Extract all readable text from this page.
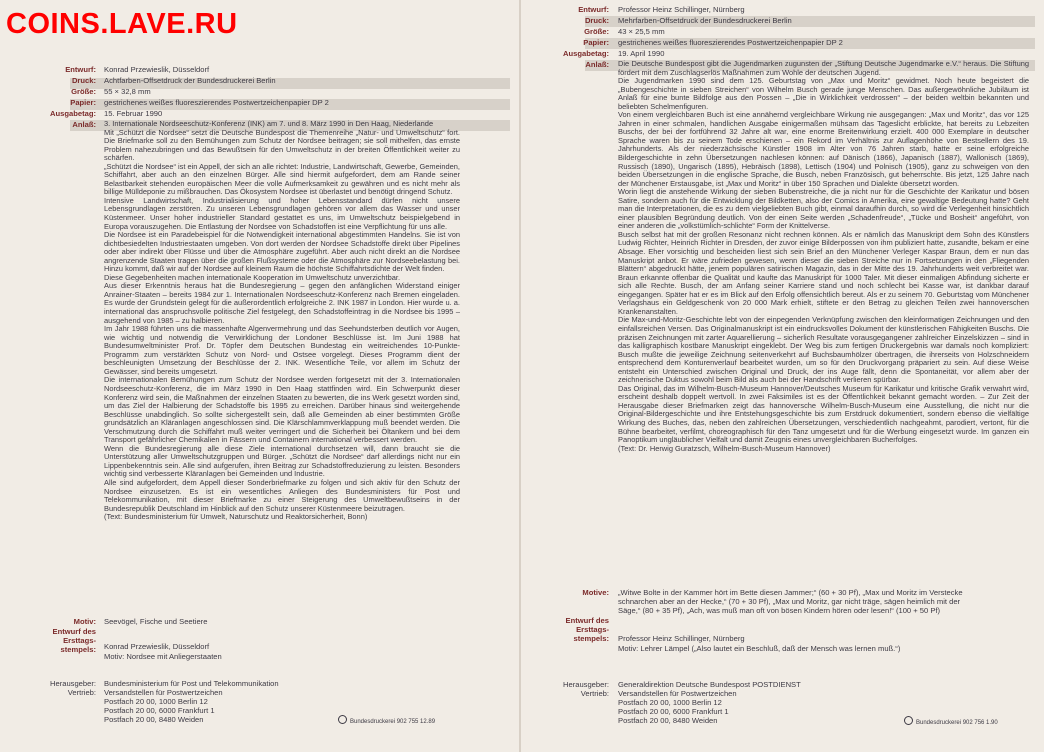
COINS.LAVE.RU
Entwurf: Konrad Przewieslik, Düsseldorf
Druck: Achtfarben-Offsetdruck der Bundesdruckerei Berlin
Größe: 55 × 32,8 mm
Papier: gestrichenes weißes fluoreszierendes Postwertzeichenpapier DP 2
Ausgabetag: 15. Februar 1990
Anlaß: 3. Internationale Nordseeschutz-Konferenz (INK) am 7. und 8. März 1990 in Den Haag, Niederlande

Mit „Schützt die Nordsee“ setzt die Deutsche Bundespost die Themenreihe „Natur- und Umweltschutz“ fort. Die Briefmarke soll zu den Bemühungen zum Schutz der Nordsee beitragen; sie soll mithelfen, das ernste Problem nahezubringen und das Bewußtsein für den Umweltschutz in der breiten Öffentlichkeit weiter zu schärfen.

„Schützt die Nordsee“ ist ein Appell, der sich an alle richtet: Industrie, Landwirtschaft, Gewerbe, Gemeinden, Schiffahrt, aber auch an den einzelnen Bürger. Alle sind hiermit aufgefordert, dem am Rande seiner Belastbarkeit stehenden europäischen Meer die volle Aufmerksamkeit zu gewähren und es nicht mehr als billige Mülldeponie zu mißbrauchen. Das Ökosystem Nordsee ist überlastet und benötigt dringend Schutz.

Intensive Landwirtschaft, Industrialisierung und hoher Lebensstandard dürfen nicht unsere Lebensgrundlagen zerstören. Zu unseren Lebensgrundlagen gehören vor allem das Wasser und unser Küstenmeer. Unser hoher industrieller Standard gestattet es uns, im Umweltschutz beispielgebend in Europa vorauszugehen. Die Entlastung der Nordsee von Schadstoffen ist eine Verpflichtung für uns alle.

Die Nordsee ist ein Paradebeispiel für die Notwendigkeit international abgestimmten Handelns. Sie ist von dichtbesiedelten Industriestaaten umgeben. Von dort werden der Nordsee Schadstoffe direkt über Pipelines oder aber indirekt über Flüsse und über die Atmosphäre zugeführt. Aber auch nicht direkt an die Nordsee angrenzende Staaten tragen über die großen Flußsysteme oder die Atmosphäre zur Nordseebelastung bei. Hinzu kommt, daß wir auf der Nordsee auf kleinem Raum die höchste Schiffahrtsdichte der Welt finden.

Diese Gegebenheiten machen internationale Kooperation im Umweltschutz unverzichtbar.

Aus dieser Erkenntnis heraus hat die Bundesregierung – gegen den anfänglichen Widerstand einiger Anrainer-Staaten – bereits 1984 zur 1. Internationalen Nordseeschutz-Konferenz nach Bremen eingeladen. Es wurde der Grundstein gelegt für die außerordentlich erfolgreiche 2. INK 1987 in London. Hier wurde u. a. international das anspruchsvolle politische Ziel festgelegt, den Schadstoffeintrag in die Nordsee bis 1995 – ausgehend von 1985 – zu halbieren.

Im Jahr 1988 führten uns die massenhafte Algenvermehrung und das Seehundsterben deutlich vor Augen, wie wichtig und notwendig die Verwirklichung der Londoner Beschlüsse ist. Im Juni 1988 hat Bundesumweltminister Prof. Dr. Töpfer dem Deutschen Bundestag ein weitreichendes 10-Punkte-Programm zum verstärkten Schutz von Nord- und Ostsee vorgelegt. Dieses Programm dient der beschleunigten Umsetzung der Beschlüsse der 2. INK. Wesentliche Teile, vor allem im Schutz der Gewässer, sind bereits umgesetzt.

Die internationalen Bemühungen zum Schutz der Nordsee werden fortgesetzt mit der 3. Internationalen Nordseeschutz-Konferenz, die im März 1990 in Den Haag stattfinden wird. Ein Schwerpunkt dieser Konferenz wird sein, die Maßnahmen der einzelnen Staaten zu bewerten, die ins Werk gesetzt worden sind, um das Ziel der Halbierung der Schadstoffe bis 1995 zu erreichen. Darüber hinaus sind weitergehende Beschlüsse unabdinglich. So sollte sichergestellt sein, daß alle Gemeinden ab einer bestimmten Größe grundsätzlich an Kläranlagen angeschlossen sind. Die Klärschlammverklappung muß beendet werden. Die Verschmutzung durch die Schiffahrt muß weiter verringert und die Sicherheit bei Öltankern und bei dem Transport gefährlicher Chemikalien in Fässern und Containern international verbessert werden.

Wenn die Bundesregierung alle diese Ziele international durchsetzen will, dann braucht sie die Unterstützung aller Umweltschutzgruppen und Bürger. „Schützt die Nordsee“ darf allerdings nicht nur ein Lippenbekenntnis sein. Alle sind aufgerufen, ihren Beitrag zur Schadstoffreduzierung zu leisten. Besonders wichtig sind verbesserte Kläranlagen bei Gemeinden und Industrie.

Alle sind aufgefordert, dem Appell dieser Sonderbriefmarke zu folgen und sich aktiv für den Schutz der Nordsee einzusetzen. Es ist ein wesentliches Anliegen des Bundesministers für Post und Telekommunikation, mit dieser Briefmarke zu einer Steigerung des Umweltbewußtseins in der Bundesrepublik Deutschland im Hinblick auf den Schutz unserer Küstenmeere beizutragen.

(Text: Bundesministerium für Umwelt, Naturschutz und Reaktorsicherheit, Bonn)

Motiv: Seevögel, Fische und Seetiere
Entwurf des
Ersttags-
stempels: Konrad Przewieslik, Düsseldorf
Motiv: Nordsee mit Anliegerstaaten
Herausgeber: Bundesministerium für Post und Telekommunikation
Vertrieb: Versandstellen für Postwertzeichen
Postfach 20 00, 1000 Berlin 12
Postfach 20 00, 6000 Frankfurt 1
Postfach 20 00, 8480 Weiden	Bundesdruckerei 902 755 12.89
Entwurf: Professor Heinz Schillinger, Nürnberg
Druck: Mehrfarben-Offsetdruck der Bundesdruckerei Berlin
Größe: 43 × 25,5 mm
Papier: gestrichenes weißes fluoreszierendes Postwertzeichenpapier DP 2
Ausgabetag: 19. April 1990
Anlaß: Die Deutsche Bundespost gibt die Jugendmarken zugunsten der „Stiftung Deutsche Jugendmarke e.V.“ heraus. Die Stiftung fördert mit dem Zuschlagserlös Maßnahmen zum Wohle der deutschen Jugend.

Die Jugendmarken 1990 sind dem 125. Geburtstag von „Max und Moritz“ gewidmet. Noch heute begeistert die „Bubengeschichte in sieben Streichen“ von Wilhelm Busch gerade junge Menschen. Das außergewöhnliche Jubiläum ist Anlaß für eine bunte Bildfolge aus den Possen – „Die in Wirklichkeit verdrossen“ – der beiden weltbin bekannten und beliebten Schelmenfiguren.

Von einem vergleichbaren Buch ist eine annähernd vergleichbare Wirkung nie ausgegangen: „Max und Moritz“, das vor 125 Jahren in einer schmalen, handlichen Ausgabe einigermaßen mühsam das Tageslicht erblickte, hat bereits zu Lebzeiten Buschs, der bei der fortführend 32 Jahre alt war, eine enorme Breitenwirkung erzielt. 400 000 Exemplare in deutscher Sprache waren bis zu seinem Tode erschienen – ein Rekord im Verhältnis zur Auflagenhöhe von Bestsellern des 19. Jahrhunderts. Als der niederzächsische Künstler 1908 im Alter von 76 Jahren starb, hatte er seine erfolgreiche Bildergeschichte in zehn Übersetzungen nachlesen können: auf Dänisch (1866), Japanisch (1887), Wallonisch (1869), Russisch (1890), Ungarisch (1895), Hebräisch (1898), Lettisch (1904) und Polnisch (1905), ganz zu schweigen von den beiden Übersetzungen in die englische Sprache, die Busch, neben Französisch, gut beherrschte. Bis jetzt, 125 Jahre nach der Münchener Erstausgabe, ist „Max und Moritz“ in über 150 Sprachen und Dialekte übersetzt worden.

Worin liegt die anstehende Wirkung der sieben Bubenstreiche, die ja nicht nur für die Geschichte der Karikatur und bösen Satire, sondern auch für die Entwicklung der Bildketten, also der Comics in Amerika, eine gewaltige Bedeutung hatte? Geht man die Interpretationen, die es zu dem vielgeliebten Buch gibt, einmal daraufhin durch, so wird die Verlegenheit hinsichtlich einer plausiblen Begründung deutlich. Von der einen Seite werden „Schadenfreude“, „Tücke und Bosheit“ angeführt, von einer anderen die „volkstümlich-schlichte“ Form der Knittelverse.

Busch selbst hat mit der großen Resonanz nicht rechnen können. Als er nämlich das Manuskript dem Sohn des Künstlers Ludwig Richter, Heinrich Richter in Dresden, der zuvor einige Bilderpossen von ihm publiziert hatte, zusandte, bekam er eine Absage. Eher vorsichtig und bescheiden liest sich sein Brief an den Münchener Verleger Kaspar Braun, dem er nun das Manuskript anbot. Er wäre zufrieden gewesen, wenn dieser die sieben Streiche nur in Fortsetzungen in den „Fliegenden Blättern“ abgedruckt hätte, jenem populären satirischen Magazin, das in der Mitte des 19. Jahrhunderts weit verbreitet war. Braun erkannte offenbar die Qualität und kaufte das Manuskript für 1000 Taler. Mit dieser einmaligen Abfindung sicherte er sich alle Rechte. Busch, der am Anfang seiner Karriere stand und noch schlecht bei Kasse war, ist dankbar darauf eingegangen. Später hat er es im Blick auf den Erfolg offensichtlich bereut. Als er zu seinem 70. Geburtstag vom Münchener Verlagshaus ein Geldgeschenk von 20 000 Mark erhielt, stiftete er den Betrag zu gleichen Teilen zwei hannoverschen Krankenanstalten.

Die Max-und-Moritz-Geschichte lebt von der einpegenden Verknüpfung zwischen den kleinformatigen Zeichnungen und den einfallsreichen Versen. Das Originalmanuskript ist ein eindrucksvolles Dokument der künstlerischen Fähigkeiten Buschs. Die präzisen Zeichnungen mit zarter Aquarellierung – sicherlich Resultate vorausgegangener zahlreicher Einzelskizzen – sind in das kalligraphisch kostbare Manuskript eingeklebt. Der Weg bis zum fertigen Druckergebnis war damals noch kompliziert: Busch mußte die jeweilige Zeichnung seitenverkehrt auf Buchsbaumhölzer übertragen, die ihrerseits von Holzschneidern entsprechend dem Konturenverlauf bearbeitet wurden, um so für den Druckvorgang präpariert zu sein. Auf diese Weise entsteht ein Unterschied zwischen Original und Druck, der ins Auge fällt, denn die Spontaneität, vor allem aber der zeichnerische Duktus sowohl beim Bild als auch bei der Handschrift verlieren spürbar.

Das Original, das im Wilhelm-Busch-Museum Hannover/Deutsches Museum für Karikatur und kritische Grafik verwahrt wird, erscheint deshalb doppelt wertvoll. In zwei Faksimiles ist es der Öffentlichkeit bekannt gemacht worden. – Zur Zeit der Herausgabe dieser Briefmarken zeigt das hannoversche Wilhelm-Busch-Museum eine Ausstellung, die nicht nur die Original-Bildergeschichte und ihre Entstehungsgeschichte bis zum Erstdruck dokumentiert, sondern ebenso die vielfältige Wirkung des Buches, das, neben den zahlreichen Übersetzungen, verschiedentlich nachgeahmt, parodiert, vertont, für die Bühne bearbeitet, verfilmt, choreographisch für den Tanz umgesetzt und für die Werbung eingesetzt wurde. Im ganzen ein Panoptikum ungläublicher Vielfalt und damit Zeugnis eines unvergleichbaren Bucherfolges.

(Text: Dr. Herwig Guratzsch, Wilhelm-Busch-Museum Hannover)

Motive: „Witwe Bolte in der Kammer hört im Bette diesen Jammer;“ (60 + 30 Pf), „Max und Moritz im Verstecke
schnarchen aber an der Hecke,“ (70 + 30 Pf), „Max und Moritz, gar nicht träge, sägen heimlich mit der
Säge,“ (80 + 35 Pf), „Ach, was muß man oft von bösen Kindern hören oder lesen!“ (100 + 50 Pf)
Entwurf des
Ersttags-
stempels: Professor Heinz Schillinger, Nürnberg
Motiv: Lehrer Lämpel („Also lautet ein Beschluß, daß der Mensch was lernen muß.“)
Herausgeber: Generaldirektion Deutsche Bundespost POSTDIENST
Vertrieb: Versandstellen für Postwertzeichen
Postfach 20 00, 1000 Berlin 12
Postfach 20 00, 6000 Frankfurt 1
Postfach 20 00, 8480 Weiden	Bundesdruckerei 902 756 1.90
